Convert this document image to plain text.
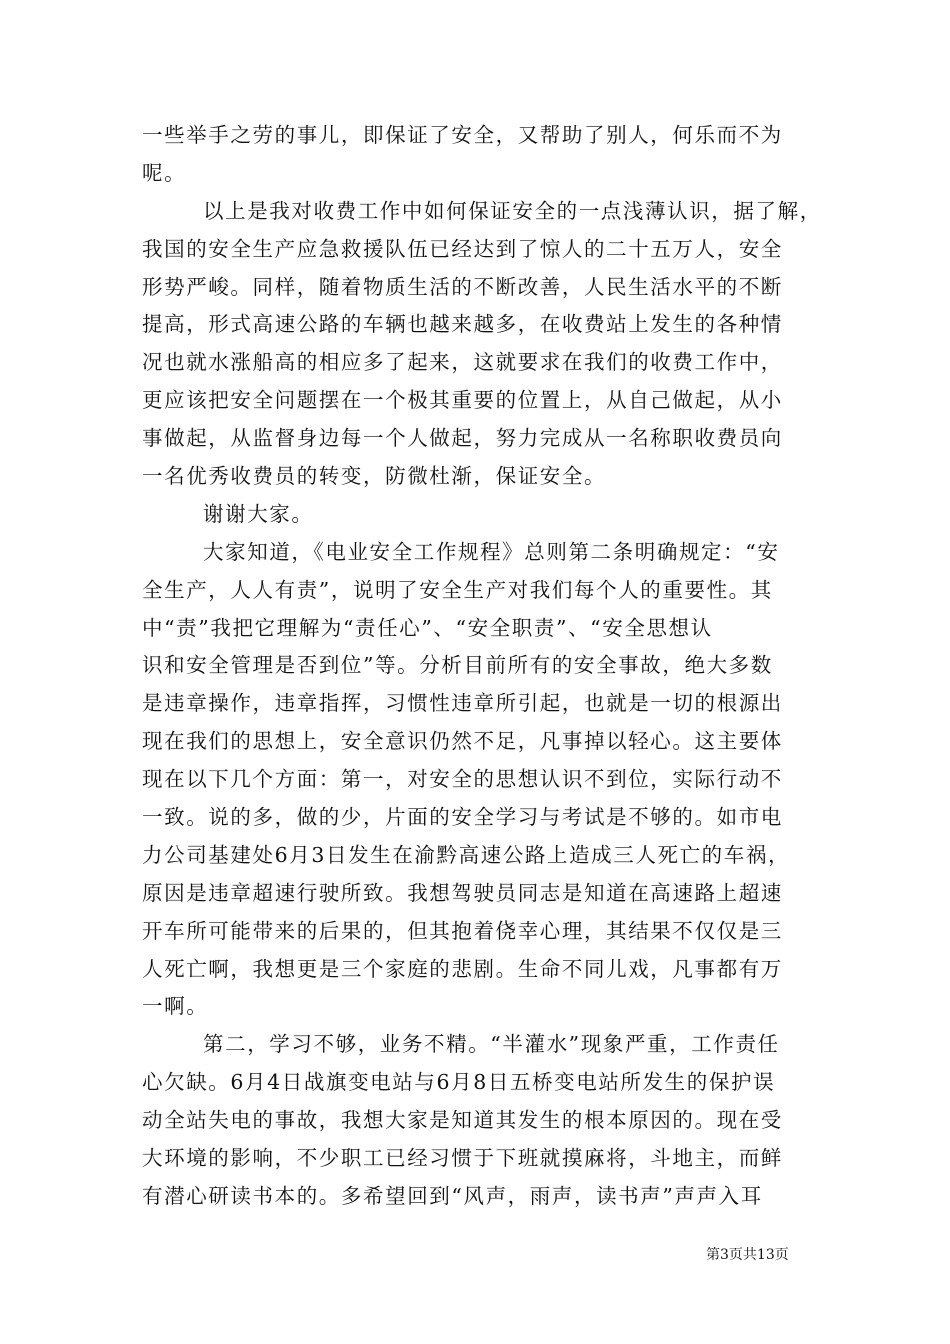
一些举手之劳的事儿，即保证了安全，又帮助了别人，何乐而不为
呢。
以上是我对收费工作中如何保证安全的一点浅薄认识，据了解，
我国的安全生产应急救援队伍已经达到了惊人的二十五万人，安全
形势严峻。同样，随着物质生活的不断改善，人民生活水平的不断
提高，形式高速公路的车辆也越来越多，在收费站上发生的各种情
况也就水涨船高的相应多了起来，这就要求在我们的收费工作中，
更应该把安全问题摆在一个极其重要的位置上，从自己做起，从小
事做起，从监督身边每一个人做起，努力完成从一名称职收费员向
一名优秀收费员的转变，防微杜渐，保证安全。
谢谢大家。
大家知道，《电业安全工作规程》总则第二条明确规定：“安
全生产，人人有责”，说明了安全生产对我们每个人的重要性。其
中“责”我把它理解为“责任心”、“安全职责”、“安全思想认
识和安全管理是否到位”等。分析目前所有的安全事故，绝大多数
是违章操作，违章指挥，习惯性违章所引起，也就是一切的根源出
现在我们的思想上，安全意识仍然不足，凡事掉以轻心。这主要体
现在以下几个方面：第一，对安全的思想认识不到位，实际行动不
一致。说的多，做的少，片面的安全学习与考试是不够的。如市电
力公司基建处6月3日发生在渝黔高速公路上造成三人死亡的车祸，
原因是违章超速行驶所致。我想驾驶员同志是知道在高速路上超速
开车所可能带来的后果的，但其抱着侥幸心理，其结果不仅仅是三
人死亡啊，我想更是三个家庭的悲剧。生命不同儿戏，凡事都有万
一啊。
第二，学习不够，业务不精。“半灌水”现象严重，工作责任
心欠缺。6月4日战旗变电站与6月8日五桥变电站所发生的保护误
动全站失电的事故，我想大家是知道其发生的根本原因的。现在受
大环境的影响，不少职工已经习惯于下班就摸麻将，斗地主，而鲜
有潜心研读书本的。多希望回到“风声，雨声，读书声”声声入耳
第3页共13页
